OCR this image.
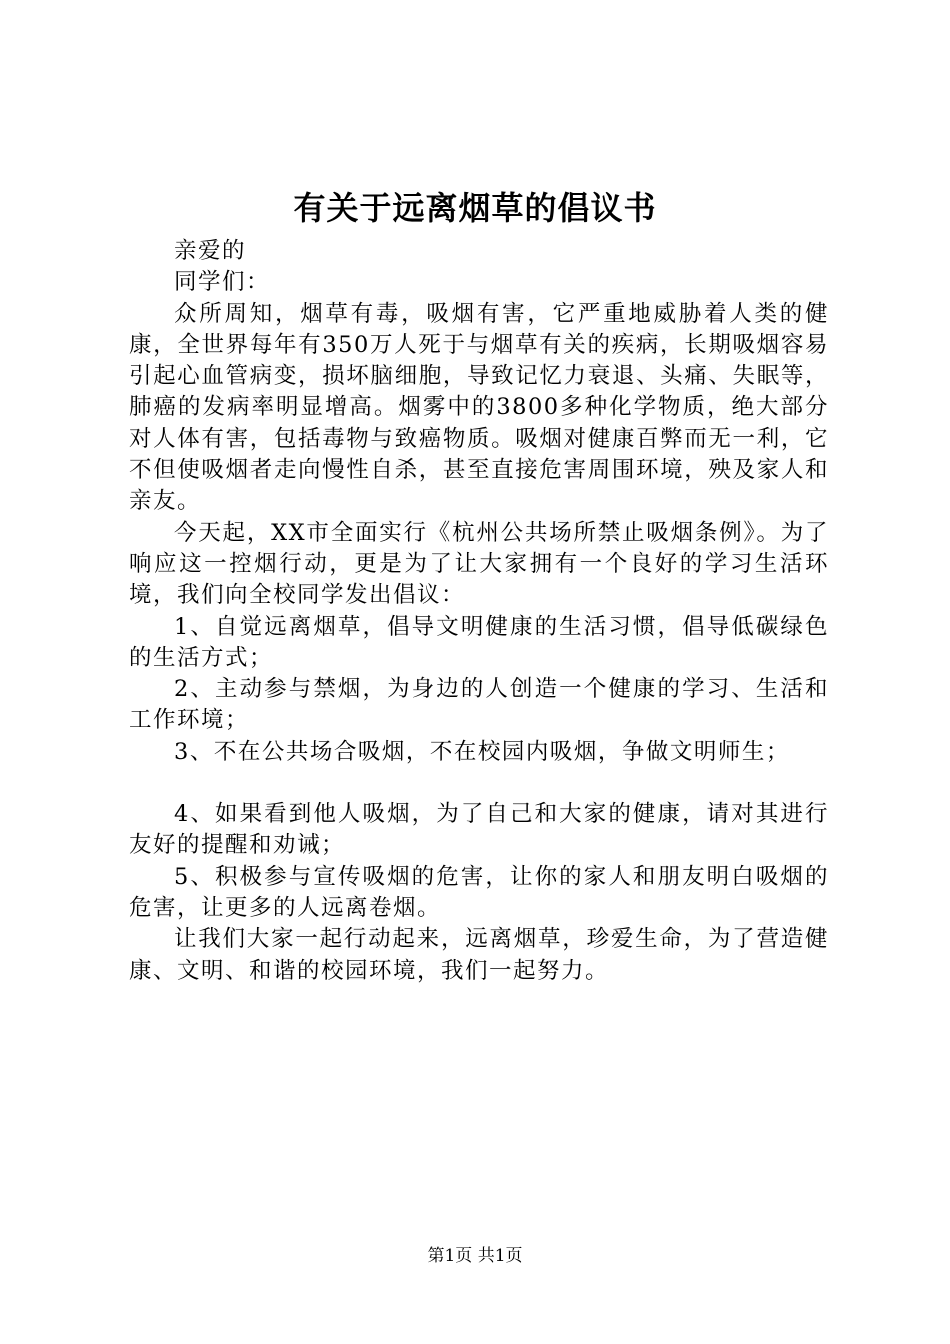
有关于远离烟草的倡议书

亲爱的

同学们：

众所周知，烟草有毒，吸烟有害，它严重地威胁着人类的健康，全世界每年有350万人死于与烟草有关的疾病，长期吸烟容易引起心血管病变，损坏脑细胞，导致记忆力衰退、头痛、失眠等，肺癌的发病率明显增高。烟雾中的3800多种化学物质，绝大部分对人体有害，包括毒物与致癌物质。吸烟对健康百弊而无一利，它不但使吸烟者走向慢性自杀，甚至直接危害周围环境，殃及家人和亲友。

今天起，XX市全面实行《杭州公共场所禁止吸烟条例》。为了响应这一控烟行动，更是为了让大家拥有一个良好的学习生活环境，我们向全校同学发出倡议：

1、自觉远离烟草，倡导文明健康的生活习惯，倡导低碳绿色的生活方式；

2、主动参与禁烟，为身边的人创造一个健康的学习、生活和工作环境；

3、不在公共场合吸烟，不在校园内吸烟，争做文明师生；

4、如果看到他人吸烟，为了自己和大家的健康，请对其进行友好的提醒和劝诫；

5、积极参与宣传吸烟的危害，让你的家人和朋友明白吸烟的危害，让更多的人远离卷烟。

让我们大家一起行动起来，远离烟草，珍爱生命，为了营造健康、文明、和谐的校园环境，我们一起努力。

第1页 共1页
